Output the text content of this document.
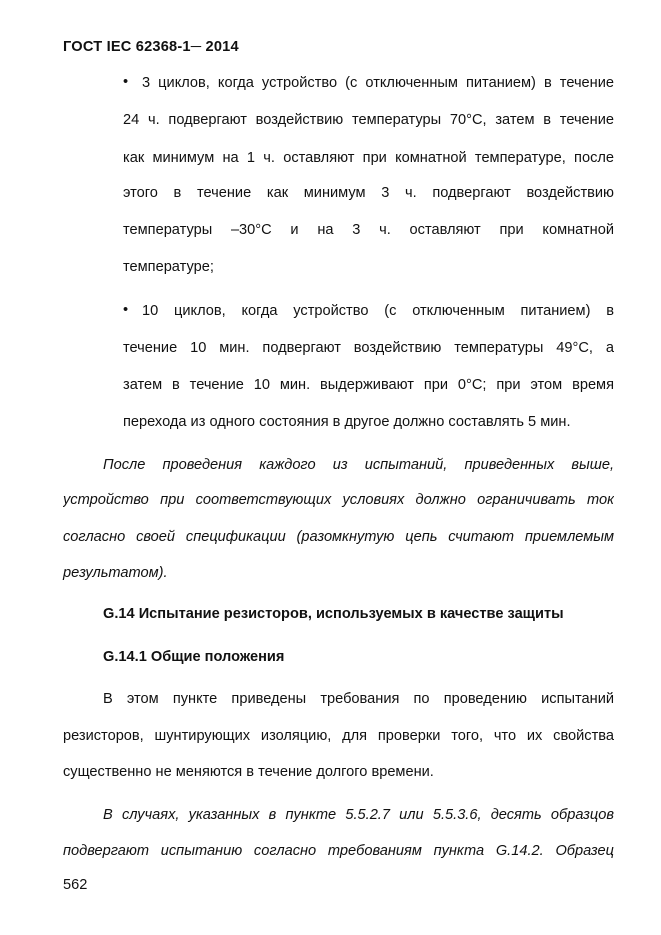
ГОСТ IEC 62368-1─ 2014
• 3 циклов, когда устройство (с отключенным питанием) в течение
24 ч. подвергают воздействию температуры 70°С, затем в течение
как минимум на 1 ч. оставляют при комнатной температуре, после
этого в течение как минимум 3 ч. подвергают воздействию
температуры –30°С и на 3 ч. оставляют при комнатной
температуре;
• 10 циклов, когда устройство (с отключенным питанием) в
течение 10 мин. подвергают воздействию температуры 49°С, а
затем в течение 10 мин. выдерживают при 0°С; при этом время
перехода из одного состояния в другое должно составлять 5 мин.
После проведения каждого из испытаний, приведенных выше,
устройство при соответствующих условиях должно ограничивать ток
согласно своей спецификации (разомкнутую цепь считают приемлемым
результатом).
G.14 Испытание резисторов, используемых в качестве защиты
G.14.1 Общие положения
В этом пункте приведены требования по проведению испытаний
резисторов, шунтирующих изоляцию, для проверки того, что их свойства
существенно не меняются в течение долгого времени.
В случаях, указанных в пункте 5.5.2.7 или 5.5.3.6, десять образцов
подвергают испытанию согласно требованиям пункта G.14.2. Образец
562
